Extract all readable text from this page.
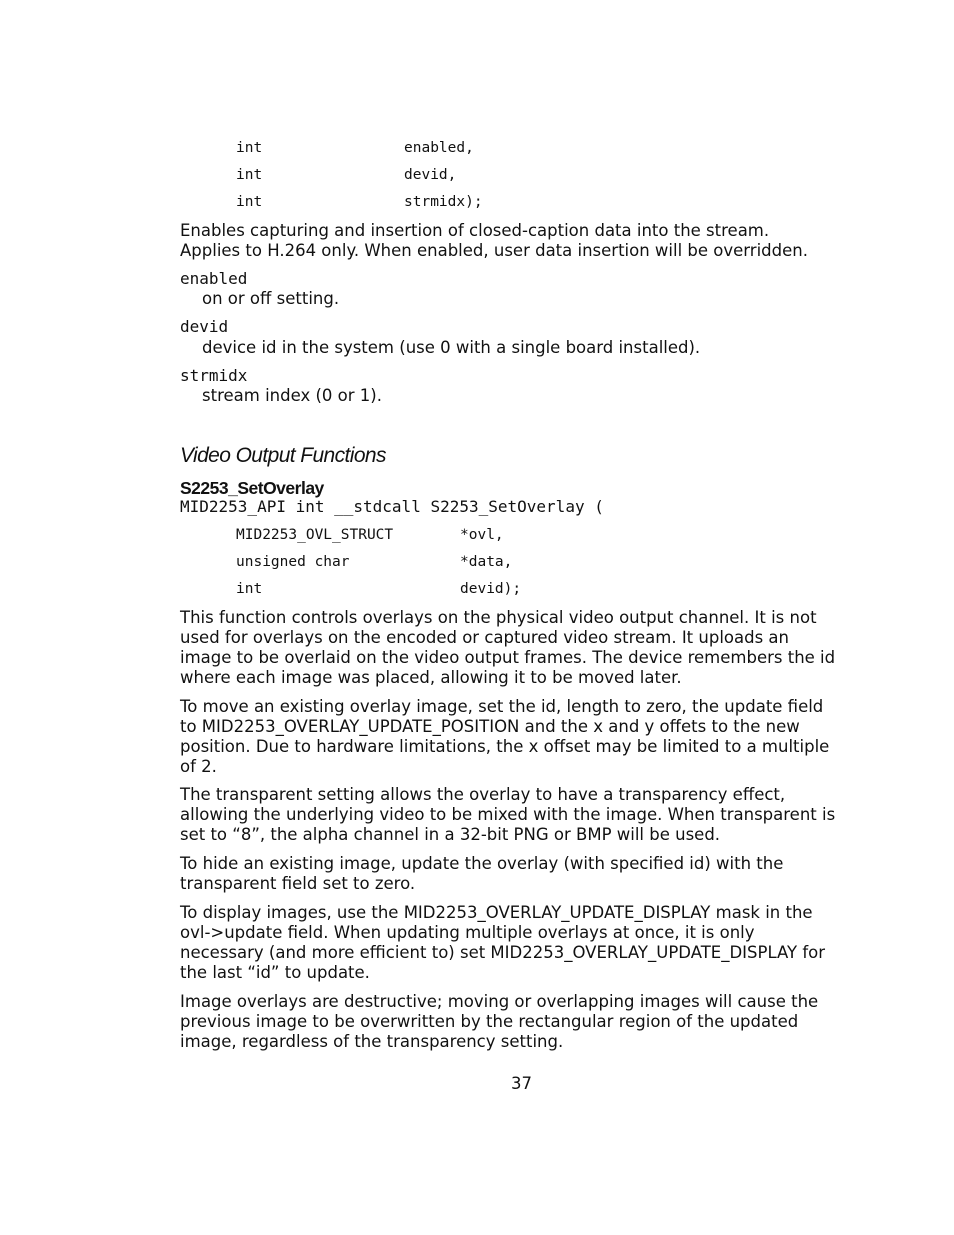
int	enabled,
int	devid,
int	strmidx);
Enables capturing and insertion of closed-caption data into the stream.
Applies to H.264 only. When enabled, user data insertion will be overridden.
enabled
on or off setting.
devid
device id in the system (use 0 with a single board installed).
strmidx
stream index (0 or 1).
Video Output Functions
S2253_SetOverlay
MID2253_API int __stdcall S2253_SetOverlay (
MID2253_OVL_STRUCT	*ovl,
unsigned char	*data,
int	devid);
This function controls overlays on the physical video output channel. It is not
used for overlays on the encoded or captured video stream. It uploads an
image to be overlaid on the video output frames. The device remembers the id
where each image was placed, allowing it to be moved later.
To move an existing overlay image, set the id, length to zero, the update field
to MID2253_OVERLAY_UPDATE_POSITION and the x and y offets to the new
position. Due to hardware limitations, the x offset may be limited to a multiple
of 2.
The transparent setting allows the overlay to have a transparency effect,
allowing the underlying video to be mixed with the image. When transparent is
set to “8”, the alpha channel in a 32-bit PNG or BMP will be used.
To hide an existing image, update the overlay (with specified id) with the
transparent field set to zero.
To display images, use the MID2253_OVERLAY_UPDATE_DISPLAY mask in the
ovl->update field. When updating multiple overlays at once, it is only
necessary (and more efficient to) set MID2253_OVERLAY_UPDATE_DISPLAY for
the last “id” to update.
Image overlays are destructive; moving or overlapping images will cause the
previous image to be overwritten by the rectangular region of the updated
image, regardless of the transparency setting.
37
